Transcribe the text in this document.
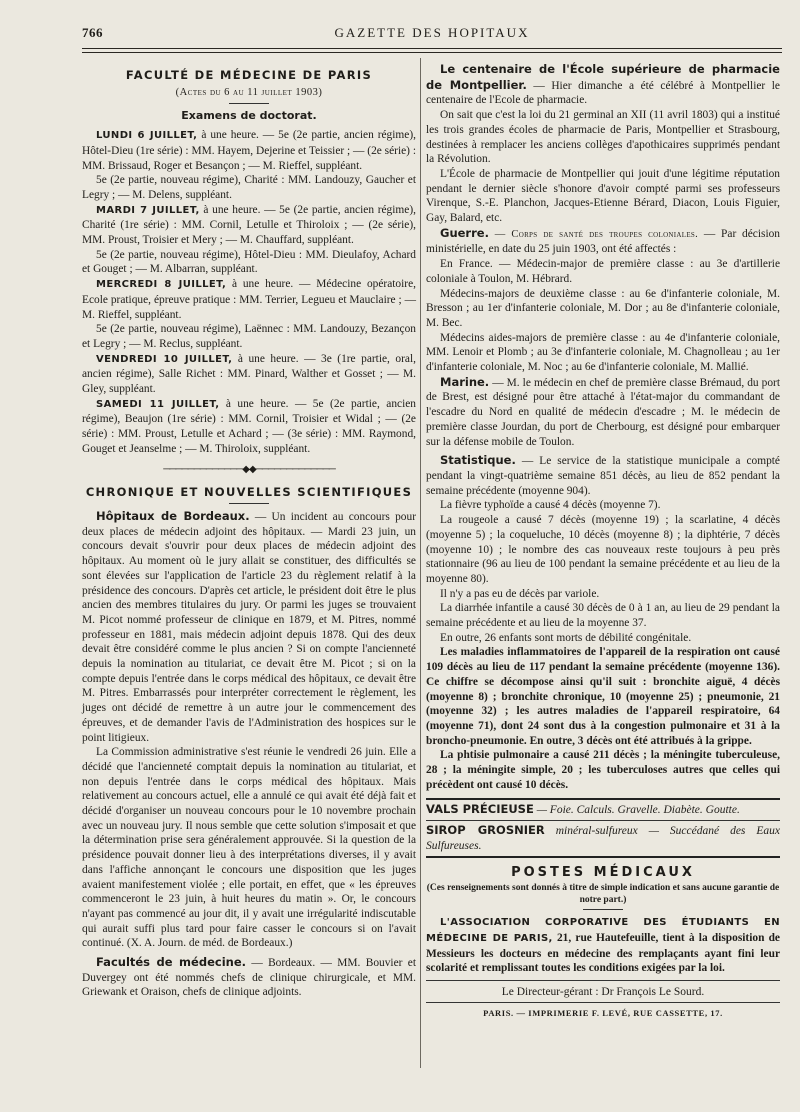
766	GAZETTE DES HOPITAUX
FACULTÉ DE MÉDECINE DE PARIS
(Actes du 6 au 11 juillet 1903)
Examens de doctorat.

LUNDI 6 JUILLET, à une heure. — 5e (2e partie, ancien régime), Hôtel-Dieu (1re série) : MM. Hayem, Dejerine et Teissier ; — (2e série) : MM. Brissaud, Roger et Besançon ; — M. Rieffel, suppléant.

5e (2e partie, nouveau régime), Charité : MM. Landouzy, Gaucher et Legry ; — M. Delens, suppléant.

MARDI 7 JUILLET, à une heure. — 5e (2e partie, ancien régime), Charité (1re série) : MM. Cornil, Letulle et Thiroloix ; — (2e série), MM. Proust, Troisier et Mery ; — M. Chauffard, suppléant.

5e (2e partie, nouveau régime), Hôtel-Dieu : MM. Dieulafoy, Achard et Gouget ; — M. Albarran, suppléant.

MERCREDI 8 JUILLET, à une heure. — Médecine opératoire, Ecole pratique, épreuve pratique : MM. Terrier, Legueu et Mauclaire ; — M. Rieffel, suppléant.

5e (2e partie, nouveau régime), Laënnec : MM. Landouzy, Bezançon et Legry ; — M. Reclus, suppléant.

VENDREDI 10 JUILLET, à une heure. — 3e (1re partie, oral, ancien régime), Salle Richet : MM. Pinard, Walther et Gosset ; — M. Gley, suppléant.

SAMEDI 11 JUILLET, à une heure. — 5e (2e partie, ancien régime), Beaujon (1re série) : MM. Cornil, Troisier et Widal ; — (2e série) : MM. Proust, Letulle et Achard ; — (3e série) : MM. Raymond, Gouget et Jeanselme ; — M. Thiroloix, suppléant.

─────────────◆◆─────────────
CHRONIQUE ET NOUVELLES SCIENTIFIQUES

Hôpitaux de Bordeaux. — Un incident au concours pour deux places de médecin adjoint des hôpitaux. — Mardi 23 juin, un concours devait s'ouvrir pour deux places de médecin adjoint des hôpitaux. Au moment où le jury allait se constituer, des difficultés se sont élevées sur l'application de l'article 23 du règlement relatif à la présidence des concours. D'après cet article, le président doit être le plus ancien des membres titulaires du jury. Or parmi les juges se trouvaient M. Picot nommé professeur de clinique en 1879, et M. Pitres, nommé professeur en 1881, mais médecin adjoint depuis 1878. Qui des deux devait être considéré comme le plus ancien ? Si on compte l'ancienneté depuis la nomination au titulariat, ce devait être M. Picot ; si on la compte depuis l'entrée dans le corps médical des hôpitaux, ce devait être M. Pitres. Embarrassés pour interpréter correctement le règlement, les juges ont décidé de remettre à un autre jour le commencement des épreuves, et de demander l'avis de l'Administration des hospices sur le point litigieux.

La Commission administrative s'est réunie le vendredi 26 juin. Elle a décidé que l'ancienneté comptait depuis la nomination au titulariat, et non depuis l'entrée dans le corps médical des hôpitaux. Mais relativement au concours actuel, elle a annulé ce qui avait été déjà fait et décidé d'organiser un nouveau concours pour le 10 novembre prochain avec un nouveau jury. Il nous semble que cette solution s'imposait et que la détermination prise sera généralement approuvée. Si la question de la présidence pouvait donner lieu à des interprétations diverses, il y avait dans l'affiche annonçant le concours une disposition que les juges avaient manifestement violée ; elle portait, en effet, que « les épreuves commenceront le 23 juin, à huit heures du matin ». Or, le concours n'ayant pas commencé au jour dit, il y avait une irrégularité indiscutable qui aurait suffi plus tard pour faire casser le concours si on l'avait continué. (X. A. Journ. de méd. de Bordeaux.)

Facultés de médecine. — Bordeaux. — MM. Bouvier et Duvergey ont été nommés chefs de clinique chirurgicale, et MM. Griewank et Oraison, chefs de clinique adjoints.

Le centenaire de l'École supérieure de pharmacie de Montpellier. — Hier dimanche a été célébré à Montpellier le centenaire de l'Ecole de pharmacie.

On sait que c'est la loi du 21 germinal an XII (11 avril 1803) qui a institué les trois grandes écoles de pharmacie de Paris, Montpellier et Strasbourg, destinées à remplacer les anciens collèges d'apothicaires supprimés pendant la Révolution.

L'École de pharmacie de Montpellier qui jouit d'une légitime réputation pendant le dernier siècle s'honore d'avoir compté parmi ses professeurs Virenque, S.-E. Planchon, Jacques-Etienne Bérard, Diacon, Louis Figuier, Gay, Balard, etc.

Guerre. — Corps de santé des troupes coloniales. — Par décision ministérielle, en date du 25 juin 1903, ont été affectés :

En France. — Médecin-major de première classe : au 3e d'artillerie coloniale à Toulon, M. Hébrard.

Médecins-majors de deuxième classe : au 6e d'infanterie coloniale, M. Bresson ; au 1er d'infanterie coloniale, M. Dor ; au 8e d'infanterie coloniale, M. Bec.

Médecins aides-majors de première classe : au 4e d'infanterie coloniale, MM. Lenoir et Plomb ; au 3e d'infanterie coloniale, M. Chagnolleau ; au 1er d'infanterie coloniale, M. Noc ; au 6e d'infanterie coloniale, M. Mallié.

Marine. — M. le médecin en chef de première classe Brémaud, du port de Brest, est désigné pour être attaché à l'état-major du commandant de l'escadre du Nord en qualité de médecin d'escadre ; M. le médecin de première classe Jourdan, du port de Cherbourg, est désigné pour embarquer sur la défense mobile de Toulon.

Statistique. — Le service de la statistique municipale a compté pendant la vingt-quatrième semaine 851 décès, au lieu de 852 pendant la semaine précédente (moyenne 904).

La fièvre typhoïde a causé 4 décès (moyenne 7).

La rougeole a causé 7 décès (moyenne 19) ; la scarlatine, 4 décès (moyenne 5) ; la coqueluche, 10 décès (moyenne 8) ; la diphtérie, 7 décès (moyenne 10) ; le nombre des cas nouveaux reste toujours à peu près stationnaire (96 au lieu de 100 pendant la semaine précédente et au lieu de la moyenne 80).

Il n'y a pas eu de décès par variole.

La diarrhée infantile a causé 30 décès de 0 à 1 an, au lieu de 29 pendant la semaine précédente et au lieu de la moyenne 37.

En outre, 26 enfants sont morts de débilité congénitale.

Les maladies inflammatoires de l'appareil de la respiration ont causé 109 décès au lieu de 117 pendant la semaine précédente (moyenne 136). Ce chiffre se décompose ainsi qu'il suit : bronchite aiguë, 4 décès (moyenne 8) ; bronchite chronique, 10 (moyenne 25) ; pneumonie, 21 (moyenne 32) ; les autres maladies de l'appareil respiratoire, 64 (moyenne 71), dont 24 sont dus à la congestion pulmonaire et 31 à la broncho-pneumonie. En outre, 3 décès ont été attribués à la grippe.

La phtisie pulmonaire a causé 211 décès ; la méningite tuberculeuse, 28 ; la méningite simple, 20 ; les tuberculoses autres que celles qui précèdent ont causé 10 décès.

VALS PRÉCIEUSE — Foie. Calculs. Gravelle. Diabète. Goutte.

SIROP GROSNIER minéral-sulfureux — Succédané des Eaux Sulfureuses.

POSTES MÉDICAUX
(Ces renseignements sont donnés à titre de simple indication et sans aucune garantie de notre part.)

L'ASSOCIATION CORPORATIVE DES ÉTUDIANTS EN MÉDECINE DE PARIS, 21, rue Hautefeuille, tient à la disposition de Messieurs les docteurs en médecine des remplaçants ayant fini leur scolarité et remplissant toutes les conditions exigées par la loi.

Le Directeur-gérant : Dr François Le Sourd.
PARIS. — IMPRIMERIE F. LEVÉ, RUE CASSETTE, 17.
